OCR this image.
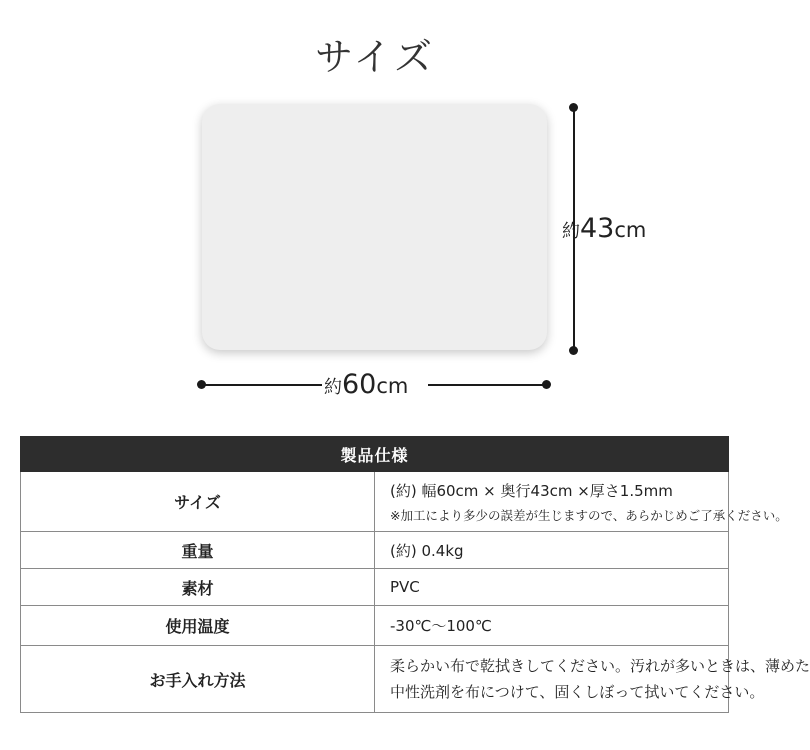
サイズ
約 43 cm
約 60 cm
製品仕様	
サイズ	(約) 幅60cm × 奥行43cm ×厚さ1.5mm
※加工により多少の誤差が生じますので、あらかじめご了承ください。

重量	(約) 0.4kg

素材	PVC

使用温度	-30℃〜100℃

お手入れ方法	柔らかい布で乾拭きしてください。汚れが多いときは、薄めた
中性洗剤を布につけて、固くしぼって拭いてください。
